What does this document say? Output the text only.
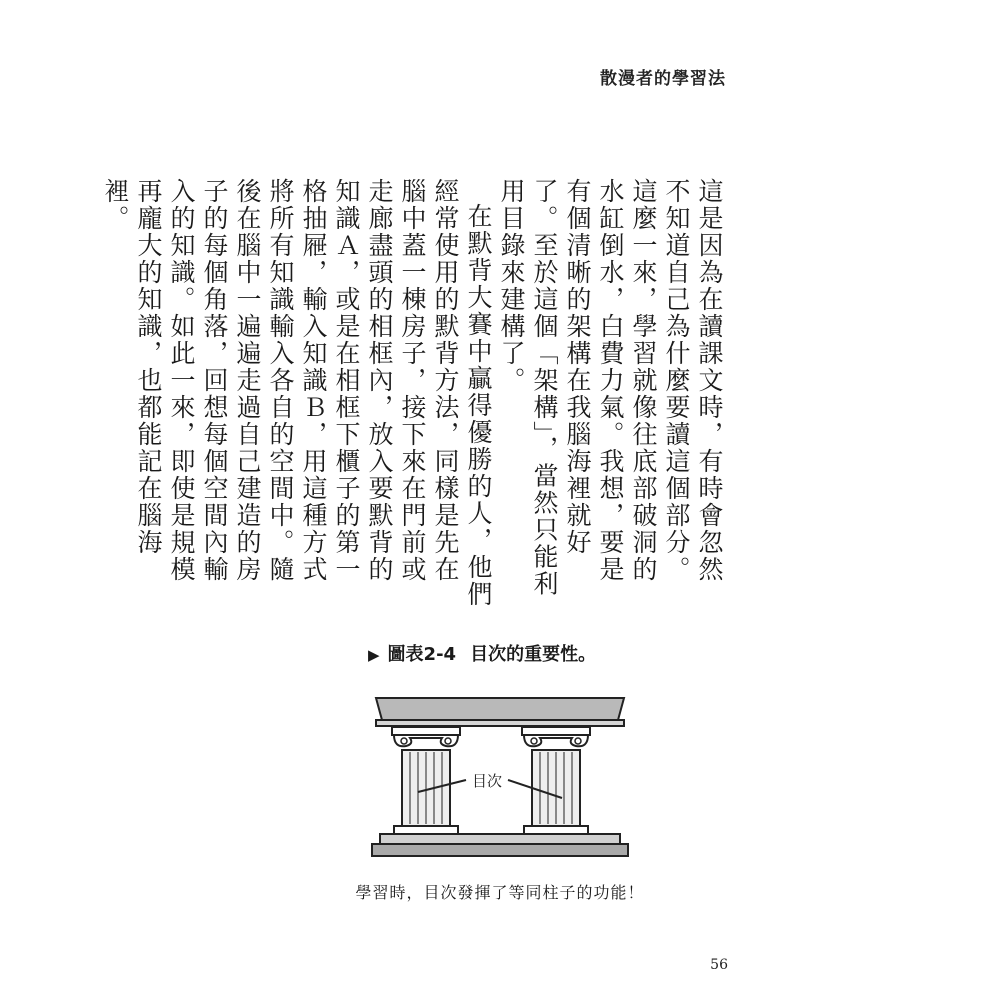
散漫者的學習法

這是因為在讀課文時，有時會忽然不知道自己為什麼要讀這個部分。這麼一來，學習就像往底部破洞的水缸倒水，白費力氣。我想，要是有個清晰的架構在我腦海裡就好了。至於這個「架構」，當然只能利用目錄來建構了。

在默背大賽中贏得優勝的人，他們經常使用的默背方法，同樣是先在腦中蓋一棟房子，接下來在門前或走廊盡頭的相框內，放入要默背的知識Ａ，或是在相框下櫃子的第一格抽屜，輸入知識Ｂ，用這種方式將所有知識輸入各自的空間中。隨後在腦中一遍遍走過自己建造的房子的每個角落，回想每個空間內輸入的知識。如此一來，即使是規模再龐大的知識，也都能記在腦海裡。

▶ 圖表2-4 目次的重要性。
目次
學習時，目次發揮了等同柱子的功能！
56
